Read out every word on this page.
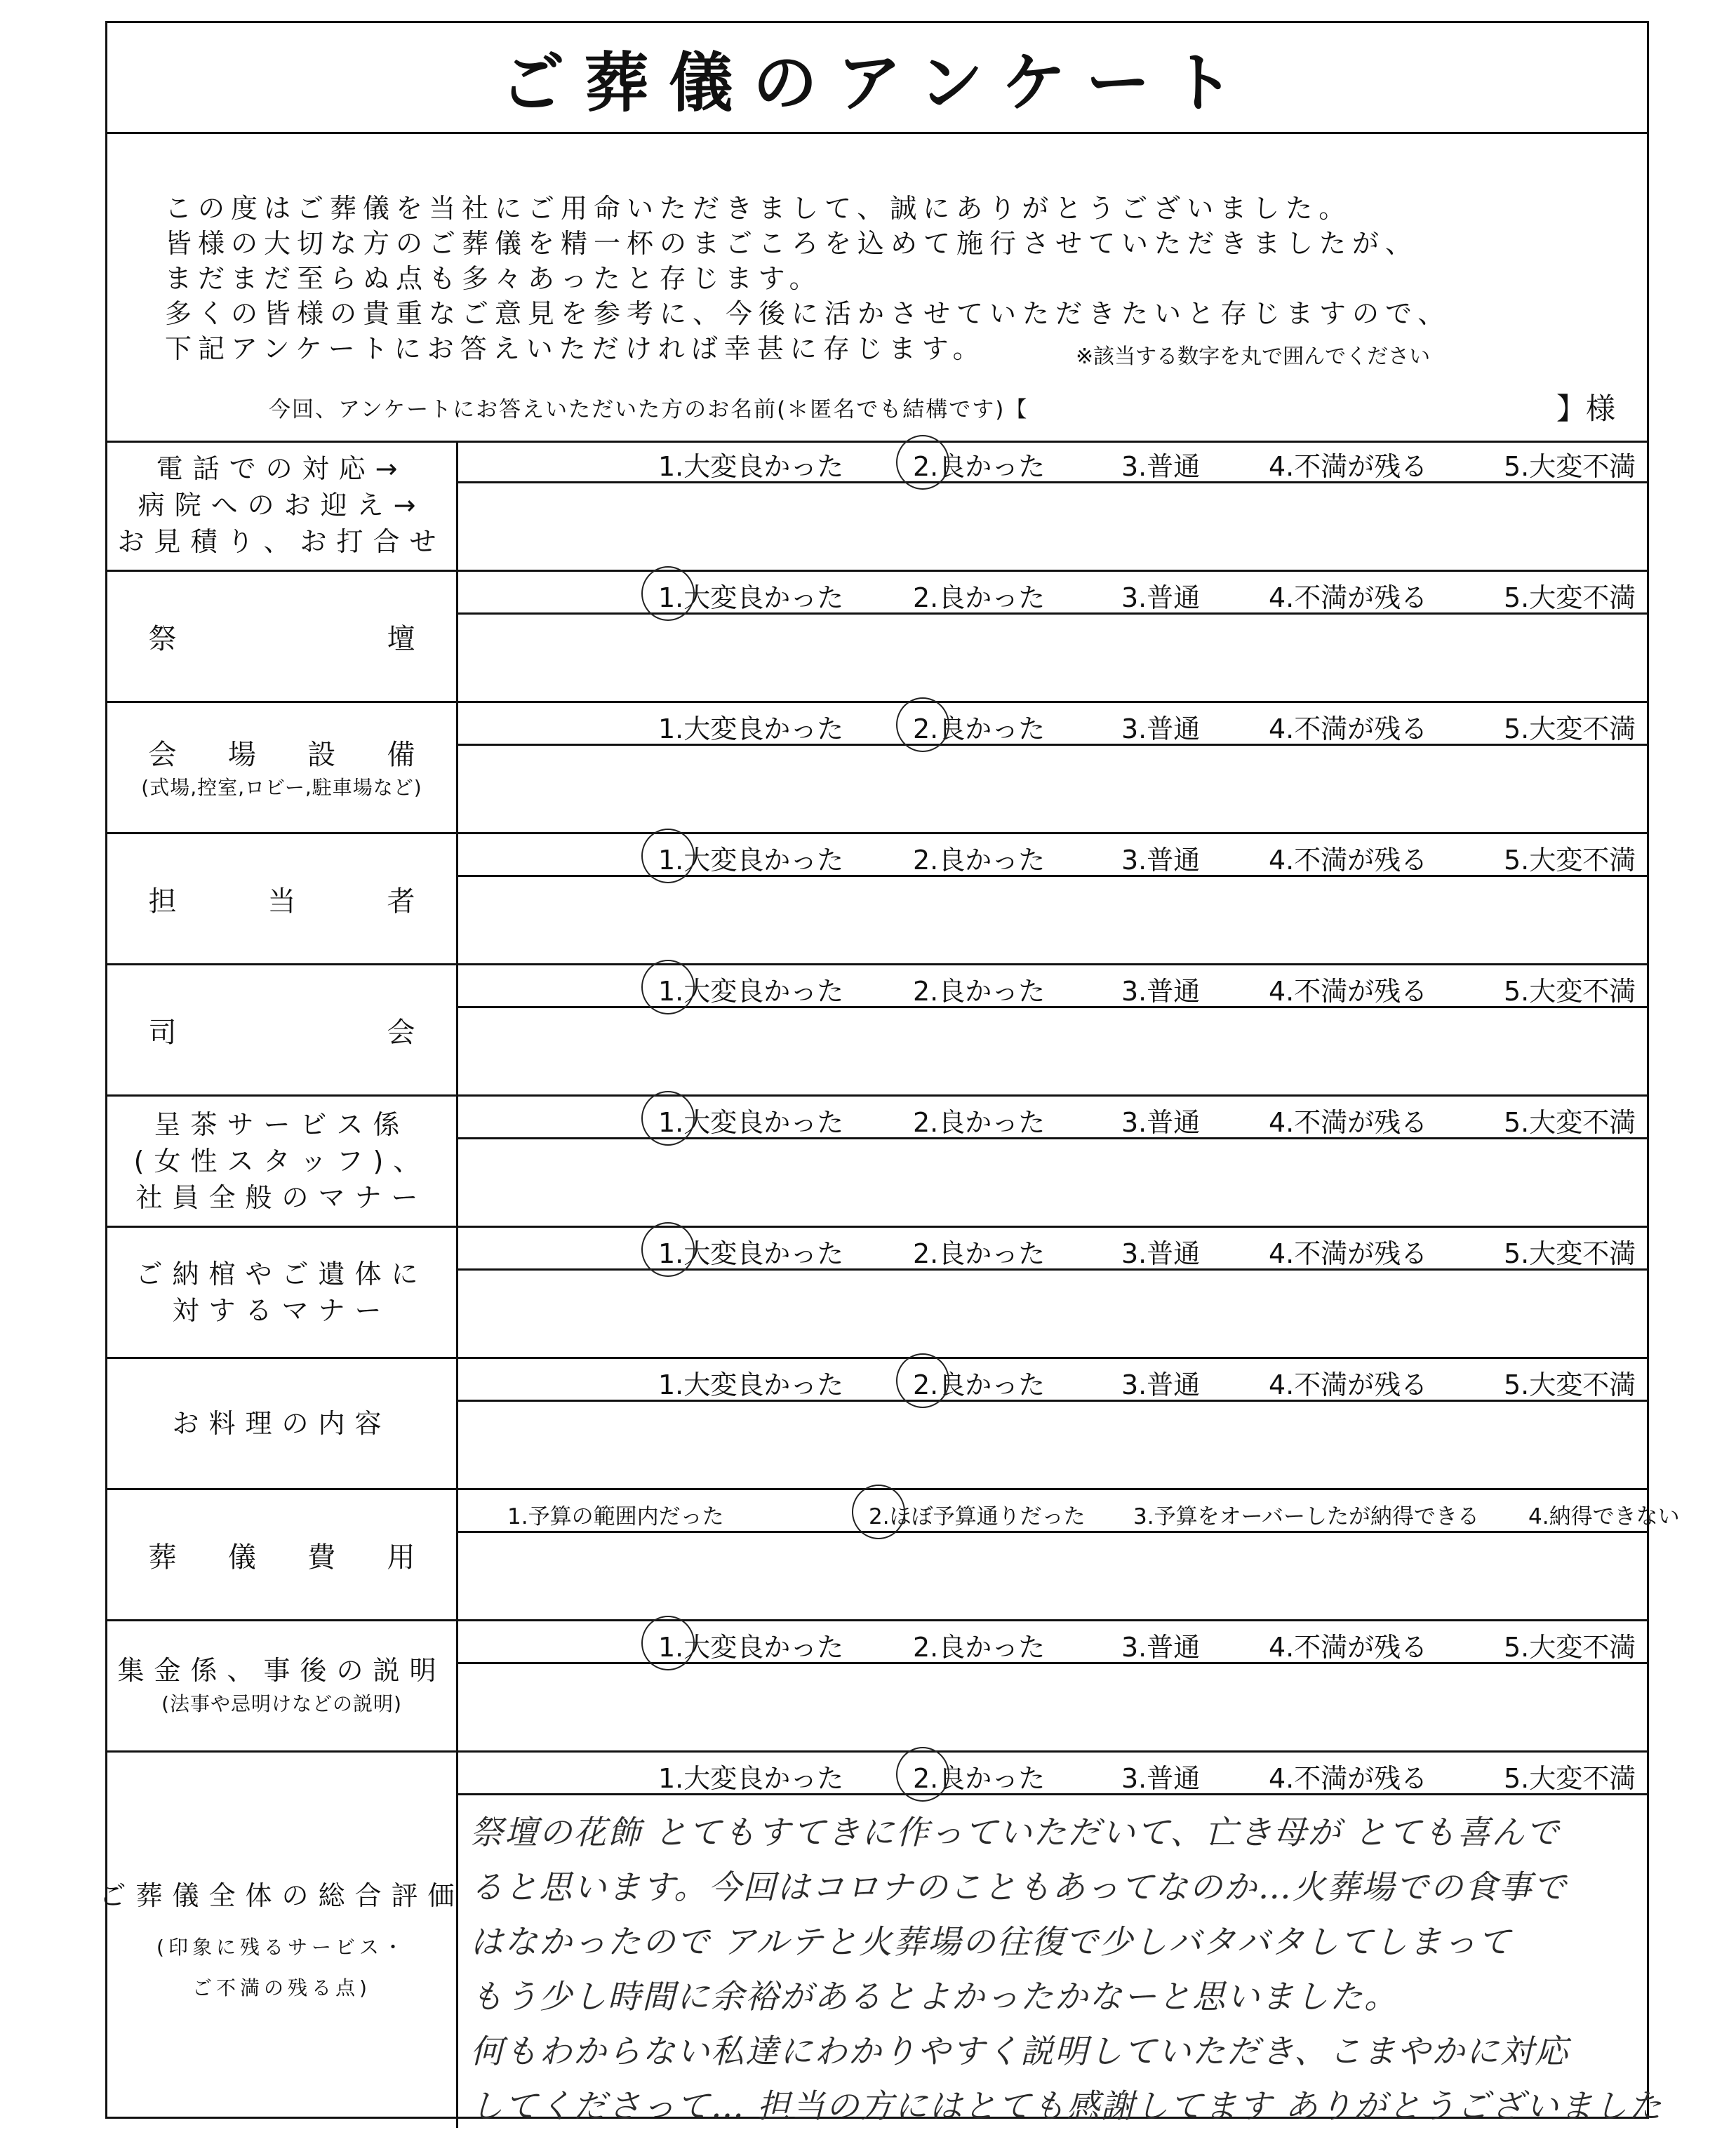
ご葬儀のアンケート
この度はご葬儀を当社にご用命いただきまして、誠にありがとうございました。
皆様の大切な方のご葬儀を精一杯のまごころを込めて施行させていただきましたが、
まだまだ至らぬ点も多々あったと存じます。
多くの皆様の貴重なご意見を参考に、今後に活かさせていただきたいと存じますので、
下記アンケートにお答えいただければ幸甚に存じます。	※該当する数字を丸で囲んでください
今回、アンケートにお答えいただいた方のお名前(＊匿名でも結構です)【	】様
電話での対応→
病院へのお迎え→
お見積り、お打合せ
1.大変良かった	2.良かった	3.普通	4.不満が残る	5.大変不満
祭	壇
1.大変良かった	2.良かった	3.普通	4.不満が残る	5.大変不満
会 場 設 備
(式場,控室,ロビー,駐車場など)
1.大変良かった	2.良かった	3.普通	4.不満が残る	5.大変不満
担	当	者
1.大変良かった	2.良かった	3.普通	4.不満が残る	5.大変不満
司	会
1.大変良かった	2.良かった	3.普通	4.不満が残る	5.大変不満
呈茶サービス係
(女性スタッフ)、
社員全般のマナー
1.大変良かった	2.良かった	3.普通	4.不満が残る	5.大変不満
ご納棺やご遺体に
対するマナー
1.大変良かった	2.良かった	3.普通	4.不満が残る	5.大変不満
お料理の内容
1.大変良かった	2.良かった	3.普通	4.不満が残る	5.大変不満
葬 儀 費 用
1.予算の範囲内だった	2.ほぼ予算通りだった 3.予算をオーバーしたが納得できる 4.納得できない
集金係、事後の説明
(法事や忌明けなどの説明)
1.大変良かった	2.良かった	3.普通	4.不満が残る	5.大変不満
ご葬儀全体の総合評価
(印象に残るサービス・
ご不満の残る点)
1.大変良かった	2.良かった	3.普通	4.不満が残る	5.大変不満
祭壇の花飾 とてもすてきに作っていただいて、亡き母が とても喜んで
ると思います。今回はコロナのこともあってなのか…火葬場での食事で
はなかったので アルテと火葬場の往復で少しバタバタしてしまって
もう少し時間に余裕があるとよかったかなーと思いました。
何もわからない私達にわかりやすく説明していただき、こまやかに対応
してくださって… 担当の方にはとても感謝してます ありがとうございました
